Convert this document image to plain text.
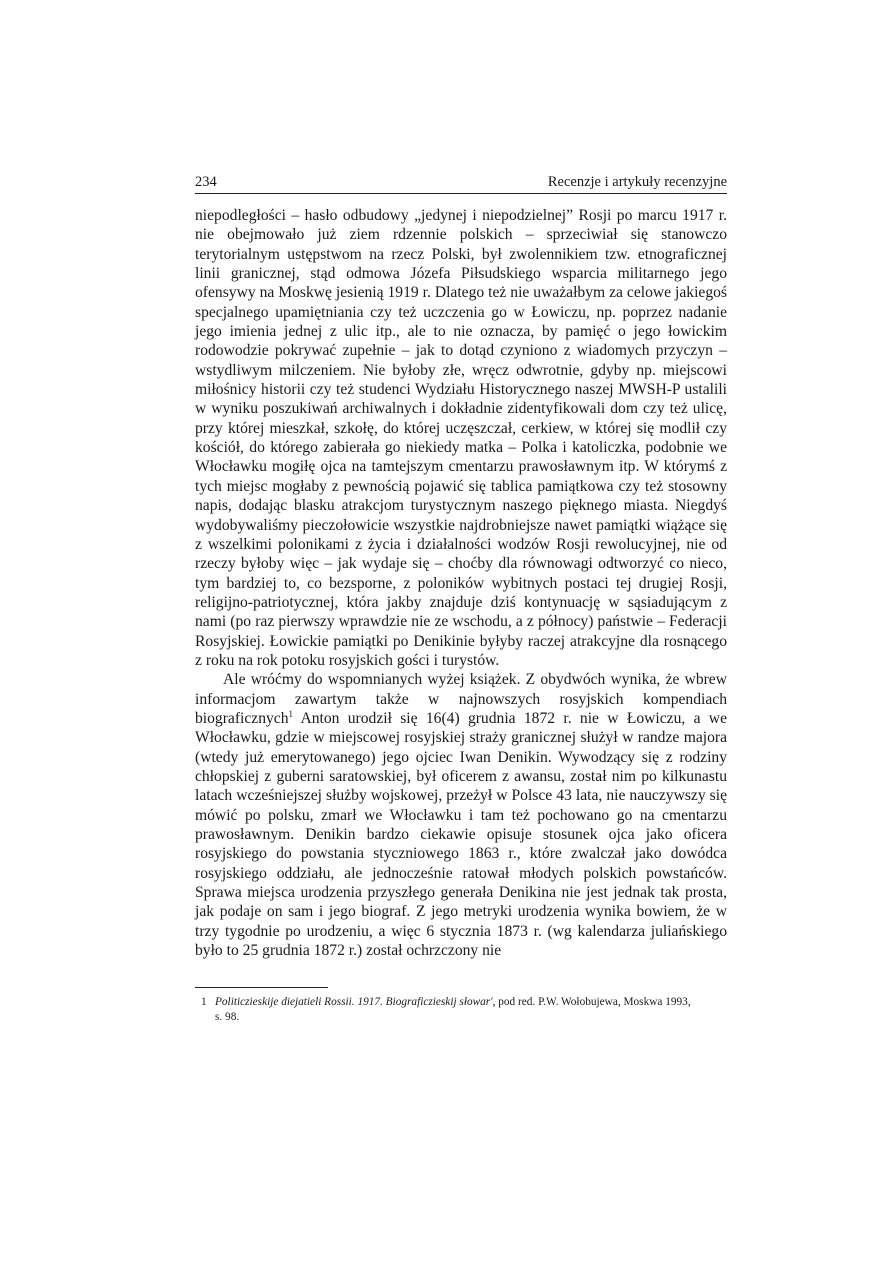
234	Recenzje i artykuły recenzyjne

niepodległości – hasło odbudowy „jedynej i niepodzielnej” Rosji po marcu 1917 r. nie obejmowało już ziem rdzennie polskich – sprzeciwiał się stanowczo terytorialnym ustępstwom na rzecz Polski, był zwolennikiem tzw. etnograficznej linii granicznej, stąd odmowa Józefa Piłsudskiego wsparcia militarnego jego ofensywy na Moskwę jesienią 1919 r. Dlatego też nie uważałbym za celowe jakiegoś specjalnego upamiętniania czy też uczczenia go w Łowiczu, np. poprzez nadanie jego imienia jednej z ulic itp., ale to nie oznacza, by pamięć o jego łowickim rodowodzie pokrywać zupełnie – jak to dotąd czyniono z wiadomych przyczyn – wstydliwym milczeniem. Nie byłoby złe, wręcz odwrotnie, gdyby np. miejscowi miłośnicy historii czy też studenci Wydziału Historycznego naszej MWSH-P ustalili w wyniku poszukiwań archiwalnych i dokładnie zidentyfikowali dom czy też ulicę, przy której mieszkał, szkołę, do której uczęszczał, cerkiew, w której się modlił czy kościół, do którego zabierała go niekiedy matka – Polka i katoliczka, podobnie we Włocławku mogiłę ojca na tamtejszym cmentarzu prawosławnym itp. W którymś z tych miejsc mogłaby z pewnością pojawić się tablica pamiątkowa czy też stosowny napis, dodając blasku atrakcjom turystycznym naszego pięknego miasta. Niegdyś wydobywaliśmy pieczołowicie wszystkie najdrobniejsze nawet pamiątki wiążące się z wszelkimi polonikami z życia i działalności wodzów Rosji rewolucyjnej, nie od rzeczy byłoby więc – jak wydaje się – choćby dla równowagi odtworzyć co nieco, tym bardziej to, co bezsporne, z poloników wybitnych postaci tej drugiej Rosji, religijno-patriotycznej, która jakby znajduje dziś kontynuację w sąsiadującym z nami (po raz pierwszy wprawdzie nie ze wschodu, a z północy) państwie – Federacji Rosyjskiej. Łowickie pamiątki po Denikinie byłyby raczej atrakcyjne dla rosnącego z roku na rok potoku rosyjskich gości i turystów.

Ale wróćmy do wspomnianych wyżej książek. Z obydwóch wynika, że wbrew informacjom zawartym także w najnowszych rosyjskich kompendiach biograficznych$^1$ Anton urodził się 16(4) grudnia 1872 r. nie w Łowiczu, a we Włocławku, gdzie w miejscowej rosyjskiej straży granicznej służył w randze majora (wtedy już emerytowanego) jego ojciec Iwan Denikin. Wywodzący się z rodziny chłopskiej z guberni saratowskiej, był oficerem z awansu, został nim po kilkunastu latach wcześniejszej służby wojskowej, przeżył w Polsce 43 lata, nie nauczywszy się mówić po polsku, zmarł we Włocławku i tam też pochowano go na cmentarzu prawosławnym. Denikin bardzo ciekawie opisuje stosunek ojca jako oficera rosyjskiego do powstania styczniowego 1863 r., które zwalczał jako dowódca rosyjskiego oddziału, ale jednocześnie ratował młodych polskich powstańców. Sprawa miejsca urodzenia przyszłego generała Denikina nie jest jednak tak prosta, jak podaje on sam i jego biograf. Z jego metryki urodzenia wynika bowiem, że w trzy tygodnie po urodzeniu, a więc 6 stycznia 1873 r. (wg kalendarza juliańskiego było to 25 grudnia 1872 r.) został ochrzczony nie

1 Politiczieskije diejatieli Rossii. 1917. Biograficzieskij słowar', pod red. P.W. Wołobujewa, Moskwa 1993,
s. 98.
